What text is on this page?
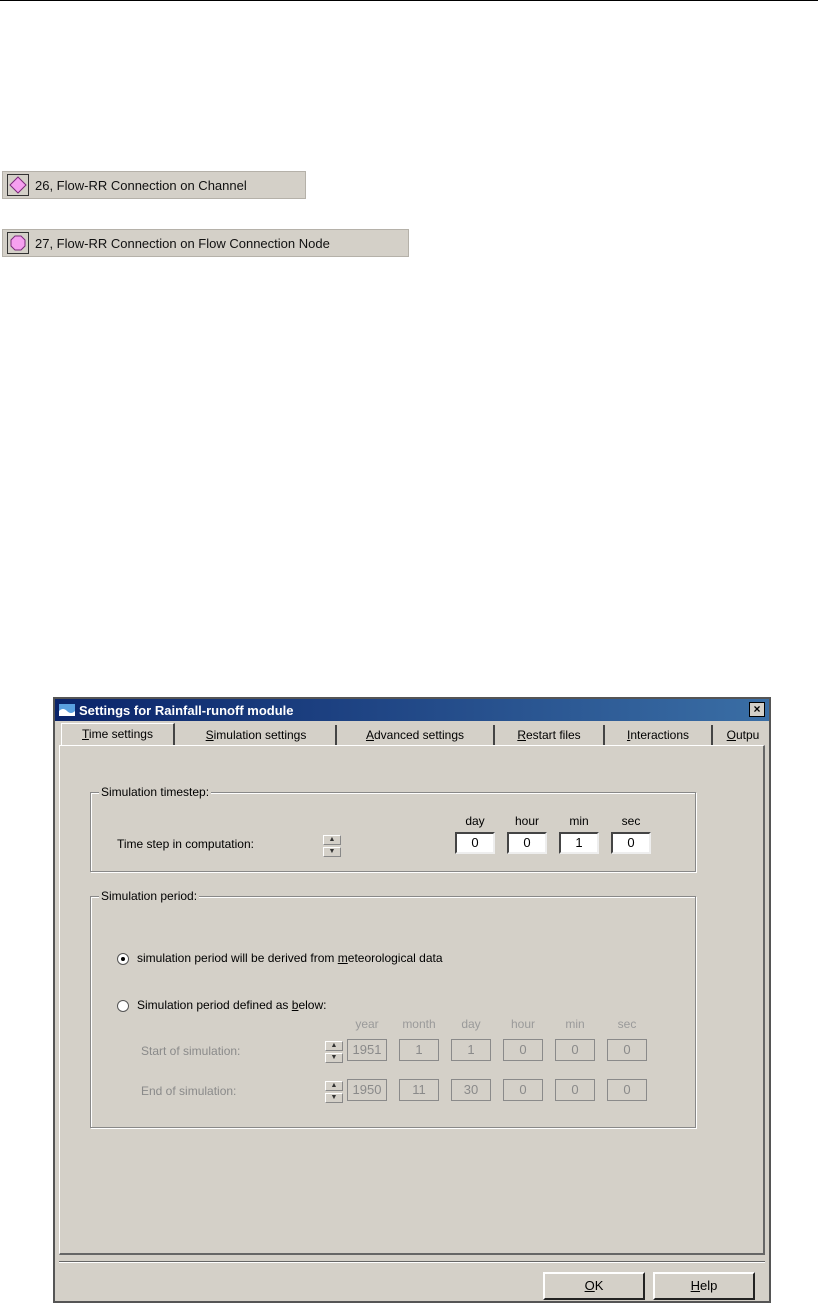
26, Flow-RR Connection on Channel
27, Flow-RR Connection on Flow Connection Node
Settings for Rainfall-runoff module	×
Time settings	Simulation settings	Advanced settings	Restart files	Interactions	Outpu
Simulation timestep:
Time step in computation:	▲
▼
day	hour	min	sec
0	0	1	0
Simulation period:
simulation period will be derived from meteorological data
Simulation period defined as below:
year	month	day	hour	min	sec
Start of simulation:	▲
▼
1951	1	1	0	0	0
End of simulation:	▲
▼
1950	11	30	0	0	0
OK	Help
